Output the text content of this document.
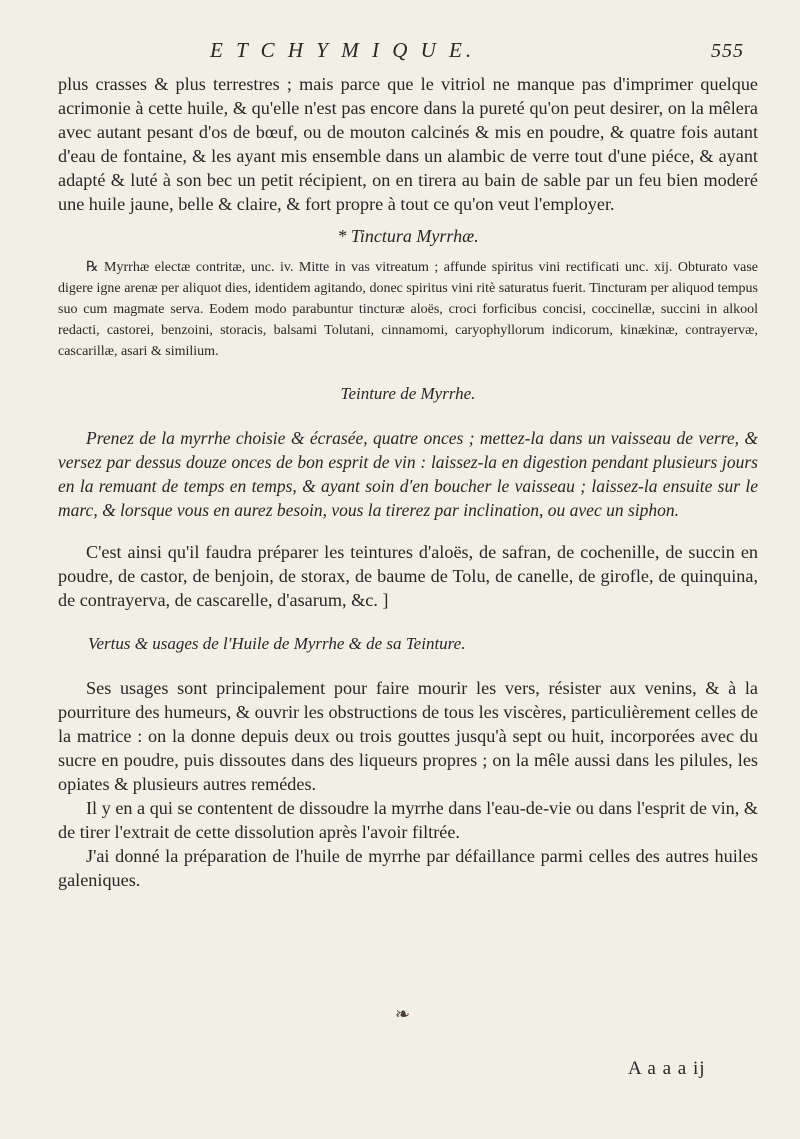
E T C H Y M I Q U E.	555

plus crasses & plus terrestres ; mais parce que le vitriol ne manque pas d'imprimer quelque acrimonie à cette huile, & qu'elle n'est pas encore dans la pureté qu'on peut desirer, on la mêlera avec autant pesant d'os de bœuf, ou de mouton calcinés & mis en poudre, & quatre fois autant d'eau de fontaine, & les ayant mis ensemble dans un alambic de verre tout d'une piéce, & ayant adapté & luté à son bec un petit récipient, on en tirera au bain de sable par un feu bien moderé une huile jaune, belle & claire, & fort propre à tout ce qu'on veut l'employer.

* Tinctura Myrrhæ.

℞ Myrrhæ electæ contritæ, unc. iv. Mitte in vas vitreatum ; affunde spiritus vini rectificati unc. xij. Obturato vase digere igne arenæ per aliquot dies, identidem agitando, donec spiritus vini ritè saturatus fuerit. Tincturam per aliquod tempus suo cum magmate serva. Eodem modo parabuntur tincturæ aloës, croci forficibus concisi, coccinellæ, succini in alkool redacti, castorei, benzoini, storacis, balsami Tolutani, cinnamomi, caryophyllorum indicorum, kinækinæ, contrayervæ, cascarillæ, asari & similium.

Teinture de Myrrhe.

Prenez de la myrrhe choisie & écrasée, quatre onces ; mettez-la dans un vaisseau de verre, & versez par dessus douze onces de bon esprit de vin : laissez-la en digestion pendant plusieurs jours en la remuant de temps en temps, & ayant soin d'en boucher le vaisseau ; laissez-la ensuite sur le marc, & lorsque vous en aurez besoin, vous la tirerez par inclination, ou avec un siphon.

C'est ainsi qu'il faudra préparer les teintures d'aloës, de safran, de cochenille, de succin en poudre, de castor, de benjoin, de storax, de baume de Tolu, de canelle, de girofle, de quinquina, de contrayerva, de cascarelle, d'asarum, &c. ]

Vertus & usages de l'Huile de Myrrhe & de sa Teinture.

Ses usages sont principalement pour faire mourir les vers, résister aux venins, & à la pourriture des humeurs, & ouvrir les obstructions de tous les viscères, particulièrement celles de la matrice : on la donne depuis deux ou trois gouttes jusqu'à sept ou huit, incorporées avec du sucre en poudre, puis dissoutes dans des liqueurs propres ; on la mêle aussi dans les pilules, les opiates & plusieurs autres remédes.

Il y en a qui se contentent de dissoudre la myrrhe dans l'eau-de-vie ou dans l'esprit de vin, & de tirer l'extrait de cette dissolution après l'avoir filtrée.

J'ai donné la préparation de l'huile de myrrhe par défaillance parmi celles des autres huiles galeniques.

❧
A a a a ij
